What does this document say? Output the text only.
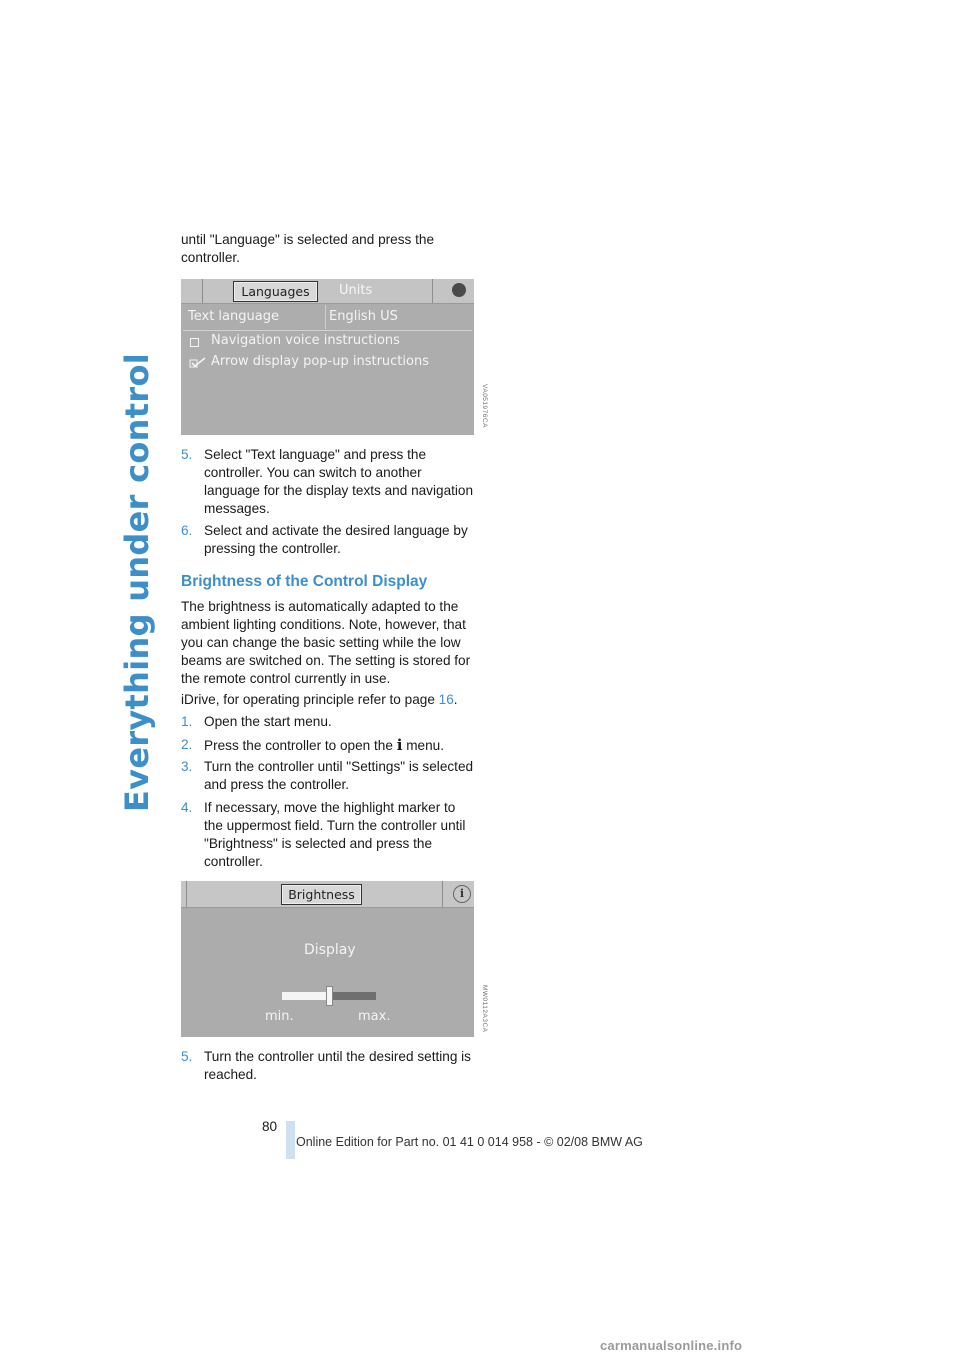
Everything under control
until "Language" is selected and press the controller.
Languages	Units
Text language	English US
Navigation voice instructions
Arrow display pop-up instructions
VA051976CA
5. Select "Text language" and press the controller. You can switch to another language for the display texts and navigation messages.
6. Select and activate the desired language by pressing the controller.
Brightness of the Control Display
The brightness is automatically adapted to the ambient lighting conditions. Note, however, that you can change the basic setting while the low beams are switched on. The setting is stored for the remote control currently in use.
iDrive, for operating principle refer to page 16.
1. Open the start menu.
2. Press the controller to open the i menu.
3. Turn the controller until "Settings" is selected and press the controller.
4. If necessary, move the highlight marker to the uppermost field. Turn the controller until "Brightness" is selected and press the controller.
Brightness	i
Display
min.	max.	MW0112A3CA
5. Turn the controller until the desired setting is reached.
80
Online Edition for Part no. 01 41 0 014 958 - © 02/08 BMW AG
carmanualsonline.info
